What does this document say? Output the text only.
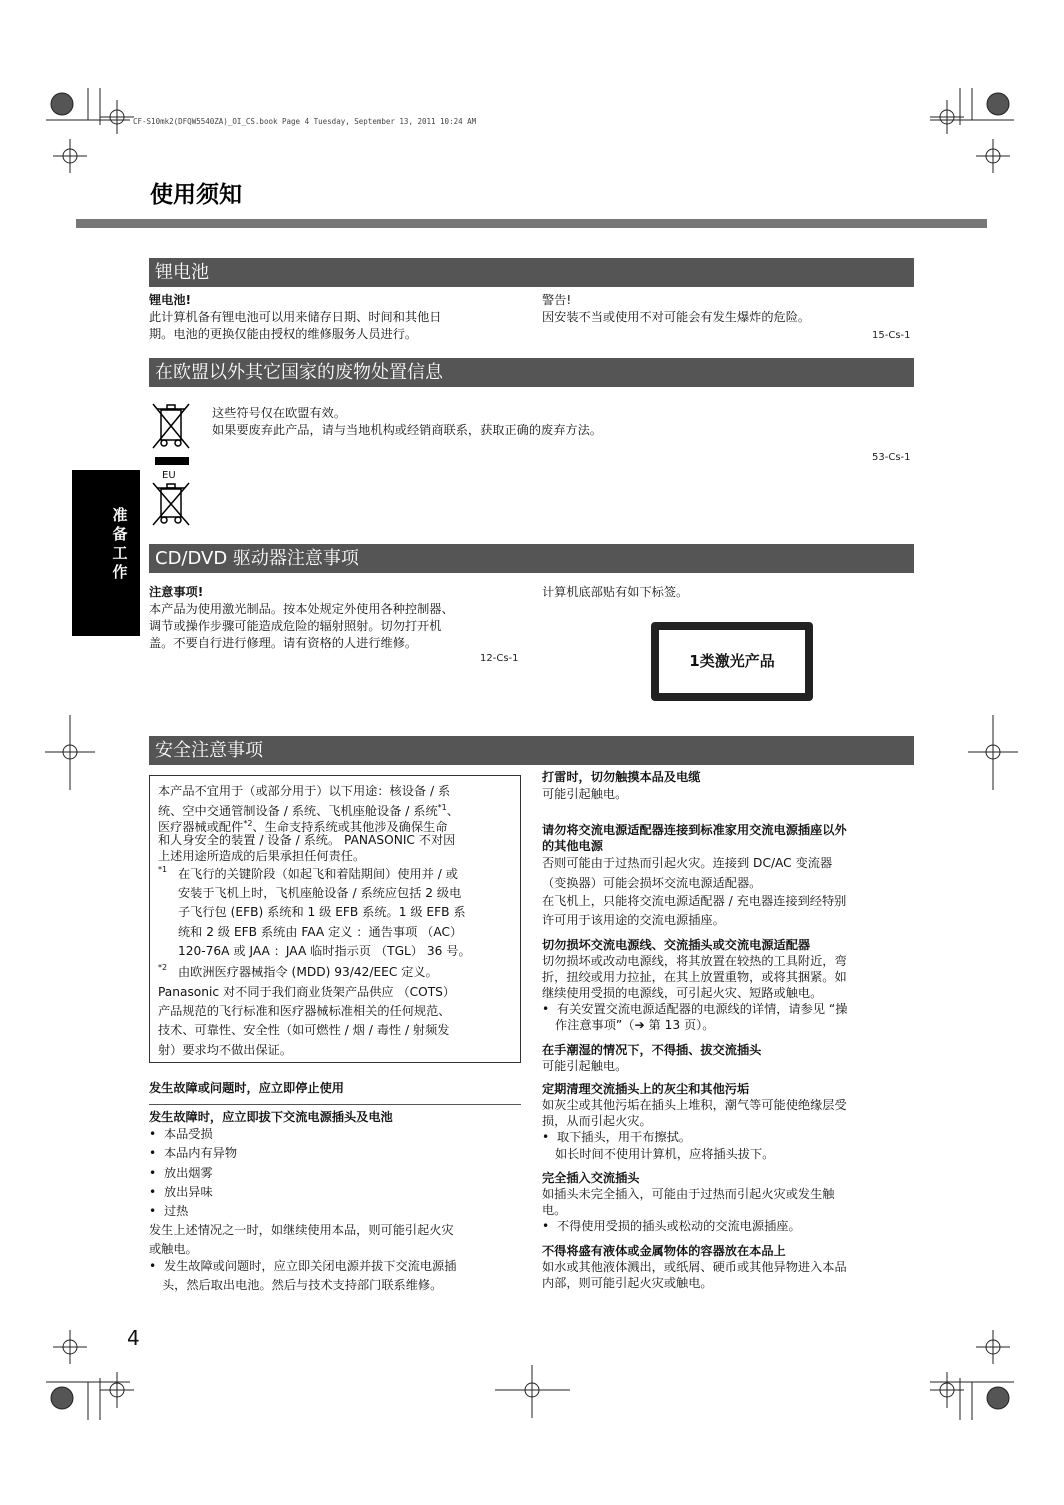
CF-S10mk2(DFQW5540ZA)_OI_CS.book Page 4 Tuesday, September 13, 2011 10:24 AM
使用须知
准备工作
锂电池
锂电池!
此计算机备有锂电池可以用来储存日期、时间和其他日
期。电池的更换仅能由授权的维修服务人员进行。
警告!
因安装不当或使用不对可能会有发生爆炸的危险。
15-Cs-1
在欧盟以外其它国家的废物处置信息
这些符号仅在欧盟有效。
如果要废弃此产品，请与当地机构或经销商联系，获取正确的废弃方法。
EU
53-Cs-1
CD/DVD 驱动器注意事项
注意事项!
本产品为使用激光制品。按本处规定外使用各种控制器、
调节或操作步骤可能造成危险的辐射照射。切勿打开机
盖。不要自行进行修理。请有资格的人进行维修。
12-Cs-1
计算机底部贴有如下标签。
1类激光产品
安全注意事项
本产品不宜用于（或部分用于）以下用途：核设备 / 系
统、空中交通管制设备 / 系统、飞机座舱设备 / 系统$^{*1}$、
医疗器械或配件$^{*2}$、生命支持系统或其他涉及确保生命
和人身安全的装置 / 设备 / 系统。 PANASONIC 不对因
上述用途所造成的后果承担任何责任。
*1 在飞行的关键阶段（如起飞和着陆期间）使用并 / 或
安装于飞机上时，飞机座舱设备 / 系统应包括 2 级电
子飞行包 (EFB) 系统和 1 级 EFB 系统。1 级 EFB 系
统和 2 级 EFB 系统由 FAA 定义 ：通告事项 （AC）
120-76A 或 JAA ：JAA 临时指示页 （TGL） 36 号。
*2 由欧洲医疗器械指令 (MDD) 93/42/EEC 定义。
Panasonic 对不同于我们商业货架产品供应 （COTS）
产品规范的飞行标准和医疗器械标准相关的任何规范、
技术、可靠性、安全性（如可燃性 / 烟 / 毒性 / 射频发
射）要求均不做出保证。
发生故障或问题时，应立即停止使用
发生故障时，应立即拔下交流电源插头及电池
•  本品受损
•  本品内有异物
•  放出烟雾
•  放出异味
•  过热
发生上述情况之一时，如继续使用本品，则可能引起火灾
或触电。
•  发生故障或问题时，应立即关闭电源并拔下交流电源插
头，然后取出电池。然后与技术支持部门联系维修。
打雷时，切勿触摸本品及电缆
可能引起触电。
请勿将交流电源适配器连接到标准家用交流电源插座以外
的其他电源
否则可能由于过热而引起火灾。连接到 DC/AC 变流器
（变换器）可能会损坏交流电源适配器。
在飞机上，只能将交流电源适配器 / 充电器连接到经特别
许可用于该用途的交流电源插座。
切勿损坏交流电源线、交流插头或交流电源适配器
切勿损坏或改动电源线，将其放置在较热的工具附近，弯
折，扭绞或用力拉扯，在其上放置重物，或将其捆紧。如
继续使用受损的电源线，可引起火灾、短路或触电。
•  有关安置交流电源适配器的电源线的详情，请参见 “操
作注意事项”（➔ 第 13 页）。
在手潮湿的情况下，不得插、拔交流插头
可能引起触电。
定期清理交流插头上的灰尘和其他污垢
如灰尘或其他污垢在插头上堆积，潮气等可能使绝缘层受
损，从而引起火灾。
•  取下插头，用干布擦拭。
如长时间不使用计算机，应将插头拔下。
完全插入交流插头
如插头未完全插入，可能由于过热而引起火灾或发生触
电。
•  不得使用受损的插头或松动的交流电源插座。
不得将盛有液体或金属物体的容器放在本品上
如水或其他液体溅出，或纸屑、硬币或其他异物进入本品
内部，则可能引起火灾或触电。
4
